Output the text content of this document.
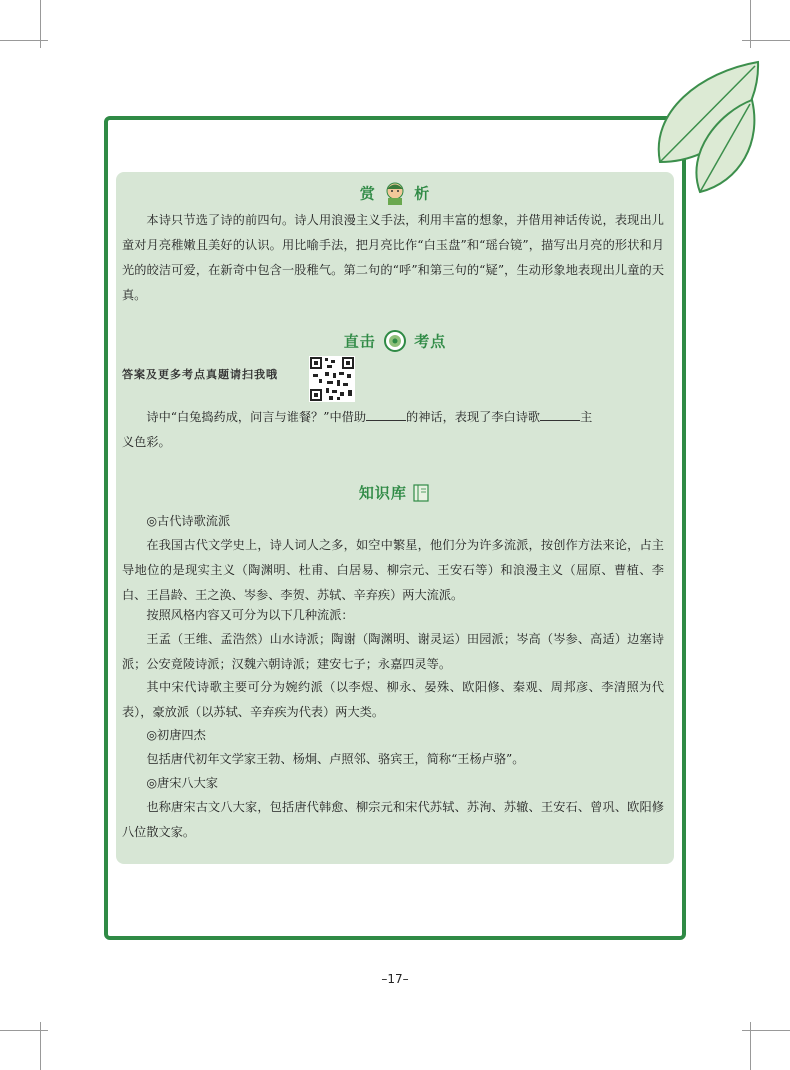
赏	析

本诗只节选了诗的前四句。诗人用浪漫主义手法，利用丰富的想象，并借用神话传说，表现出儿童对月亮稚嫩且美好的认识。用比喻手法，把月亮比作“白玉盘”和“瑶台镜”，描写出月亮的形状和月光的皎洁可爱，在新奇中包含一股稚气。第二句的“呼”和第三句的“疑”，生动形象地表现出儿童的天真。

直击	考点
答案及更多考点真题请扫我哦

诗中“白兔捣药成，问言与谁餐？”中借助	的神话，表现了李白诗歌	主

义色彩。

知识库

◎古代诗歌流派

在我国古代文学史上，诗人词人之多，如空中繁星，他们分为许多流派，按创作方法来论，占主导地位的是现实主义（陶渊明、杜甫、白居易、柳宗元、王安石等）和浪漫主义（屈原、曹植、李白、王昌龄、王之涣、岑参、李贺、苏轼、辛弃疾）两大流派。

按照风格内容又可分为以下几种流派：

王孟（王维、孟浩然）山水诗派；陶谢（陶渊明、谢灵运）田园派；岑高（岑参、高适）边塞诗派；公安竟陵诗派；汉魏六朝诗派；建安七子；永嘉四灵等。

其中宋代诗歌主要可分为婉约派（以李煜、柳永、晏殊、欧阳修、秦观、周邦彦、李清照为代表），豪放派（以苏轼、辛弃疾为代表）两大类。

◎初唐四杰

包括唐代初年文学家王勃、杨炯、卢照邻、骆宾王，简称“王杨卢骆”。

◎唐宋八大家

也称唐宋古文八大家，包括唐代韩愈、柳宗元和宋代苏轼、苏洵、苏辙、王安石、曾巩、欧阳修八位散文家。

–17–
